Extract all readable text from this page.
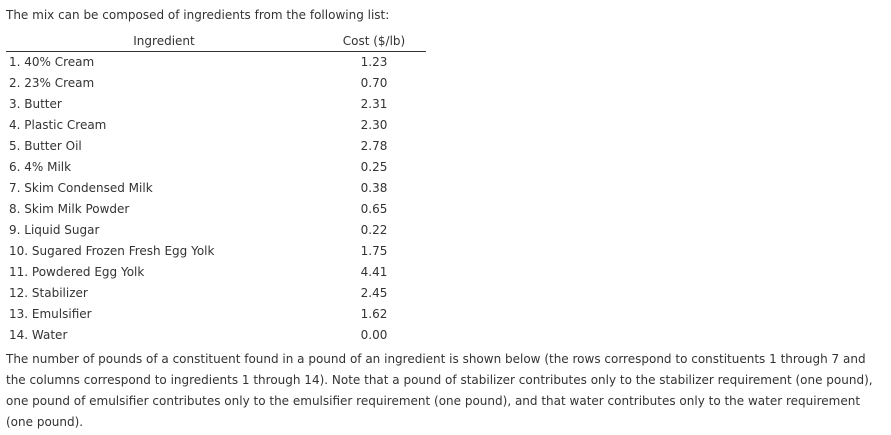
The mix can be composed of ingredients from the following list:

Ingredient	Cost ($/lb)
1. 40% Cream	1.23
2. 23% Cream	0.70
3. Butter	2.31
4. Plastic Cream	2.30
5. Butter Oil	2.78
6. 4% Milk	0.25
7. Skim Condensed Milk	0.38
8. Skim Milk Powder	0.65
9. Liquid Sugar	0.22
10. Sugared Frozen Fresh Egg Yolk	1.75
11. Powdered Egg Yolk	4.41
12. Stabilizer	2.45
13. Emulsifier	1.62
14. Water	0.00

The number of pounds of a constituent found in a pound of an ingredient is shown below (the rows correspond to constituents 1 through 7 and the columns correspond to ingredients 1 through 14). Note that a pound of stabilizer contributes only to the stabilizer requirement (one pound), one pound of emulsifier contributes only to the emulsifier requirement (one pound), and that water contributes only to the water requirement (one pound).
